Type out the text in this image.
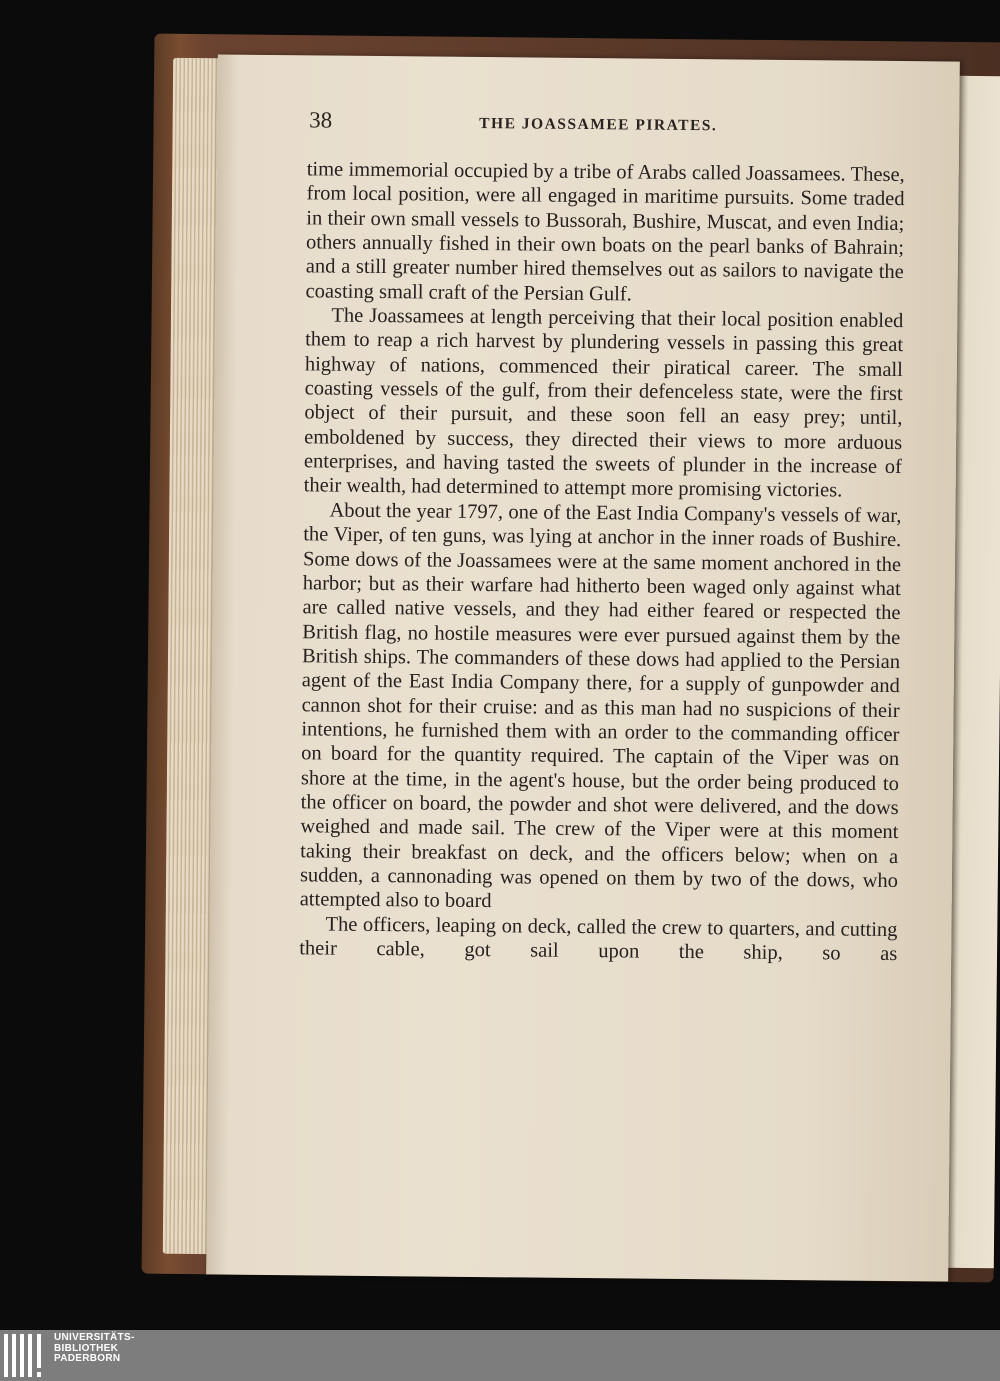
38	THE JOASSAMEE PIRATES.

time immemorial occupied by a tribe of Arabs called Joassamees. These, from local position, were all engaged in maritime pursuits. Some traded in their own small vessels to Bussorah, Bushire, Muscat, and even India; others annually fished in their own boats on the pearl banks of Bahrain; and a still greater number hired themselves out as sailors to navigate the coasting small craft of the Persian Gulf.

The Joassamees at length perceiving that their local position enabled them to reap a rich harvest by plundering vessels in passing this great highway of nations, commenced their piratical career. The small coasting vessels of the gulf, from their defenceless state, were the first object of their pursuit, and these soon fell an easy prey; until, emboldened by success, they directed their views to more arduous enterprises, and having tasted the sweets of plunder in the increase of their wealth, had determined to attempt more promising victories.

About the year 1797, one of the East India Company's vessels of war, the Viper, of ten guns, was lying at anchor in the inner roads of Bushire. Some dows of the Joassamees were at the same moment anchored in the harbor; but as their warfare had hitherto been waged only against what are called native vessels, and they had either feared or respected the British flag, no hostile measures were ever pursued against them by the British ships. The commanders of these dows had applied to the Persian agent of the East India Company there, for a supply of gunpowder and cannon shot for their cruise: and as this man had no suspicions of their intentions, he furnished them with an order to the commanding officer on board for the quantity required. The captain of the Viper was on shore at the time, in the agent's house, but the order being produced to the officer on board, the powder and shot were delivered, and the dows weighed and made sail. The crew of the Viper were at this moment taking their breakfast on deck, and the officers below; when on a sudden, a cannonading was opened on them by two of the dows, who attempted also to board

The officers, leaping on deck, called the crew to quarters, and cutting their cable, got sail upon the ship, so as

UNIVERSITÄTS-
BIBLIOTHEK
PADERBORN
